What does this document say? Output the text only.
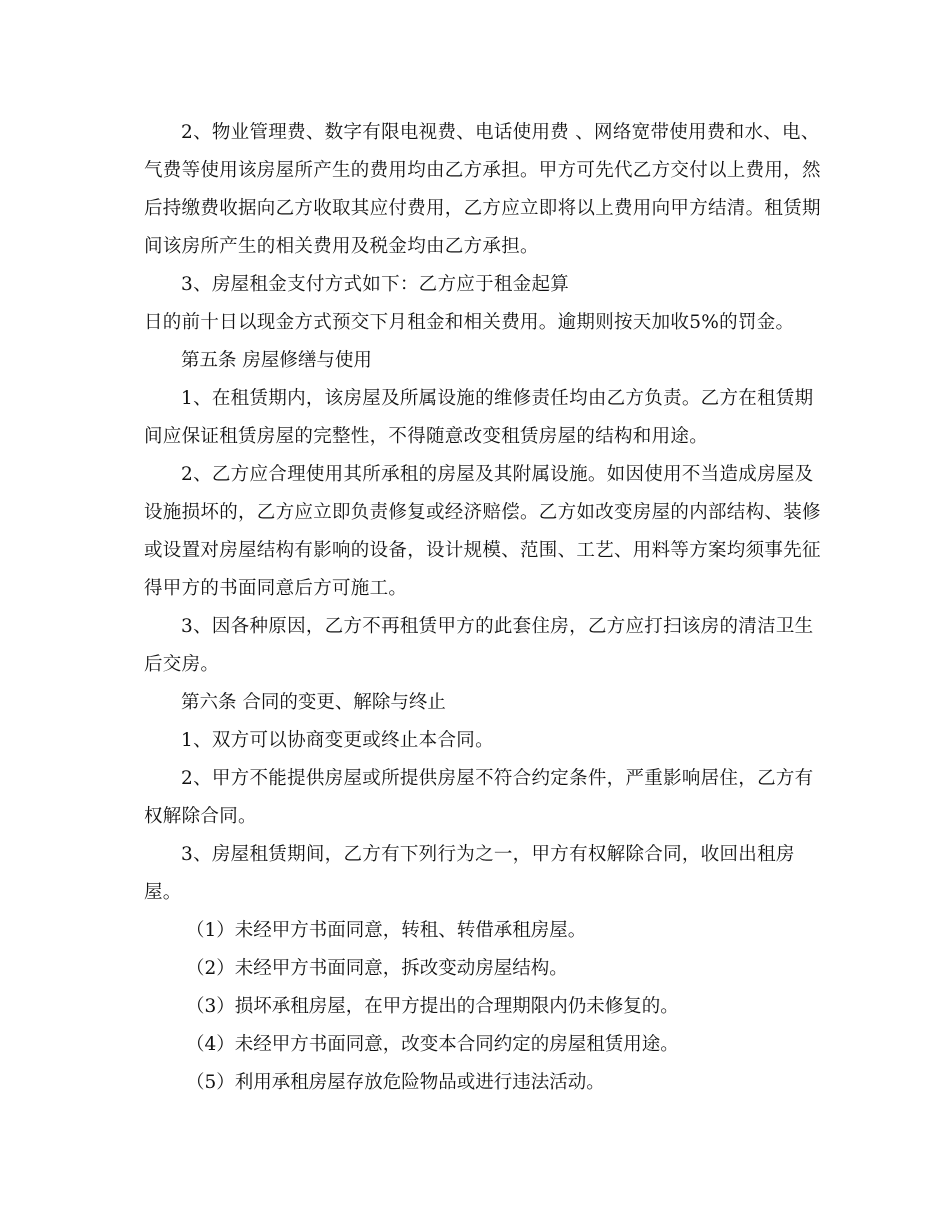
2、物业管理费、数字有限电视费、电话使用费 、网络宽带使用费和水、电、气费等使用该房屋所产生的费用均由乙方承担。甲方可先代乙方交付以上费用，然后持缴费收据向乙方收取其应付费用，乙方应立即将以上费用向甲方结清。租赁期间该房所产生的相关费用及税金均由乙方承担。

3、房屋租金支付方式如下：乙方应于租金起算

日的前十日以现金方式预交下月租金和相关费用。逾期则按天加收5%的罚金。

第五条 房屋修缮与使用

1、在租赁期内，该房屋及所属设施的维修责任均由乙方负责。乙方在租赁期间应保证租赁房屋的完整性，不得随意改变租赁房屋的结构和用途。

2、乙方应合理使用其所承租的房屋及其附属设施。如因使用不当造成房屋及设施损坏的，乙方应立即负责修复或经济赔偿。乙方如改变房屋的内部结构、装修或设置对房屋结构有影响的设备，设计规模、范围、工艺、用料等方案均须事先征得甲方的书面同意后方可施工。

3、因各种原因，乙方不再租赁甲方的此套住房，乙方应打扫该房的清洁卫生后交房。

第六条 合同的变更、解除与终止

1、双方可以协商变更或终止本合同。

2、甲方不能提供房屋或所提供房屋不符合约定条件，严重影响居住，乙方有权解除合同。

3、房屋租赁期间，乙方有下列行为之一，甲方有权解除合同，收回出租房屋。

（1）未经甲方书面同意，转租、转借承租房屋。

（2）未经甲方书面同意，拆改变动房屋结构。

（3）损坏承租房屋，在甲方提出的合理期限内仍未修复的。

（4）未经甲方书面同意，改变本合同约定的房屋租赁用途。

（5）利用承租房屋存放危险物品或进行违法活动。
